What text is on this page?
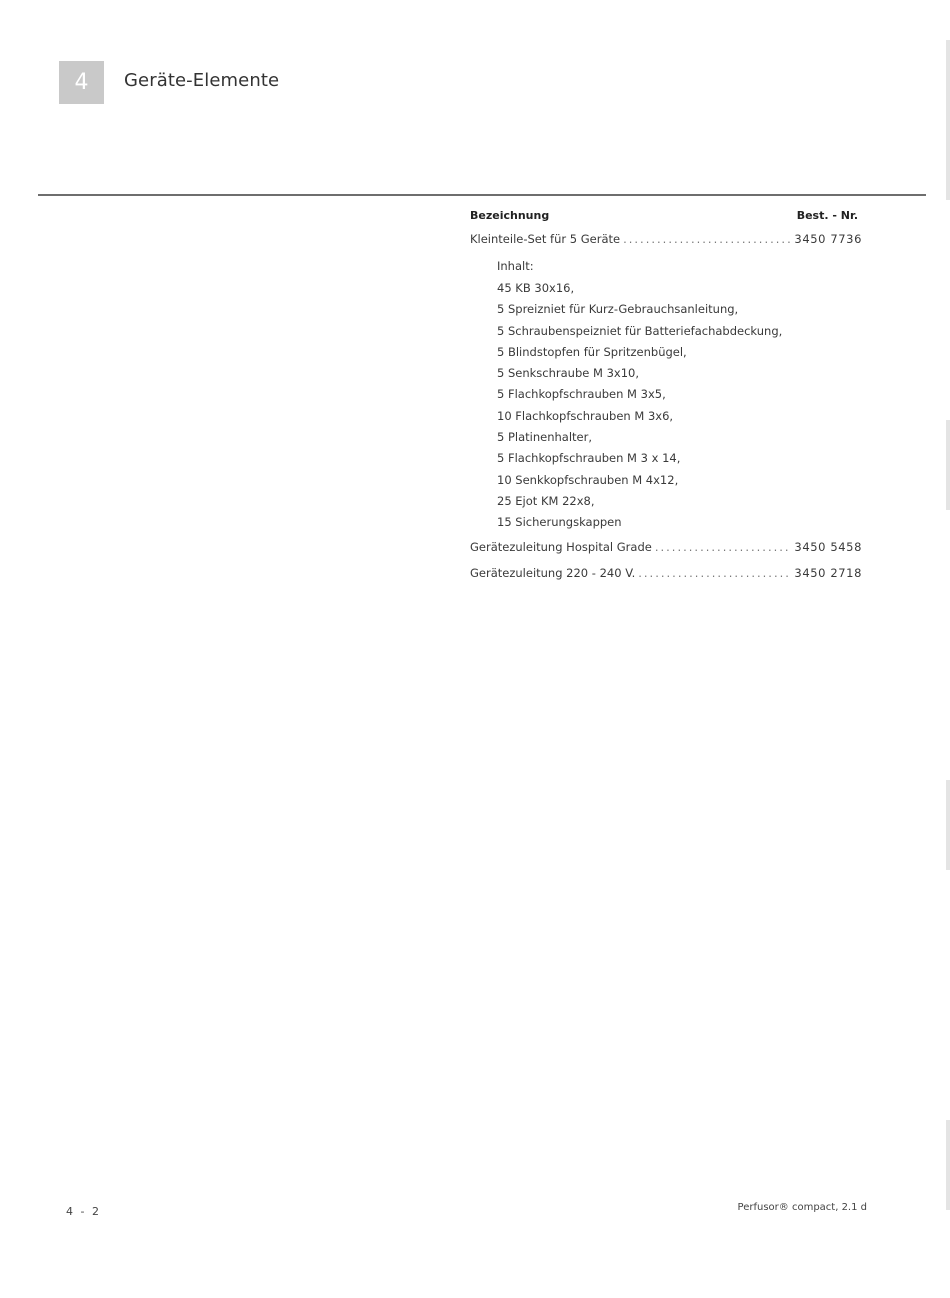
4	Geräte-Elemente
Bezeichnung	Best. - Nr.
Kleinteile-Set für 5 Geräte .....	3450 7736
Inhalt:
45 KB 30x16,
5 Spreizniet für Kurz-Gebrauchsanleitung,
5 Schraubenspeizniet für Batteriefachabdeckung,
5 Blindstopfen für Spritzenbügel,
5 Senkschraube M 3x10,
5 Flachkopfschrauben M 3x5,
10 Flachkopfschrauben M 3x6,
5 Platinenhalter,
5 Flachkopfschrauben M 3 x 14,
10 Senkkopfschrauben M 4x12,
25 Ejot KM 22x8,
15 Sicherungskappen
Gerätezuleitung Hospital Grade .....	3450 5458
Gerätezuleitung 220 - 240 V. .....	3450 2718
4 - 2	Perfusor® compact, 2.1 d
